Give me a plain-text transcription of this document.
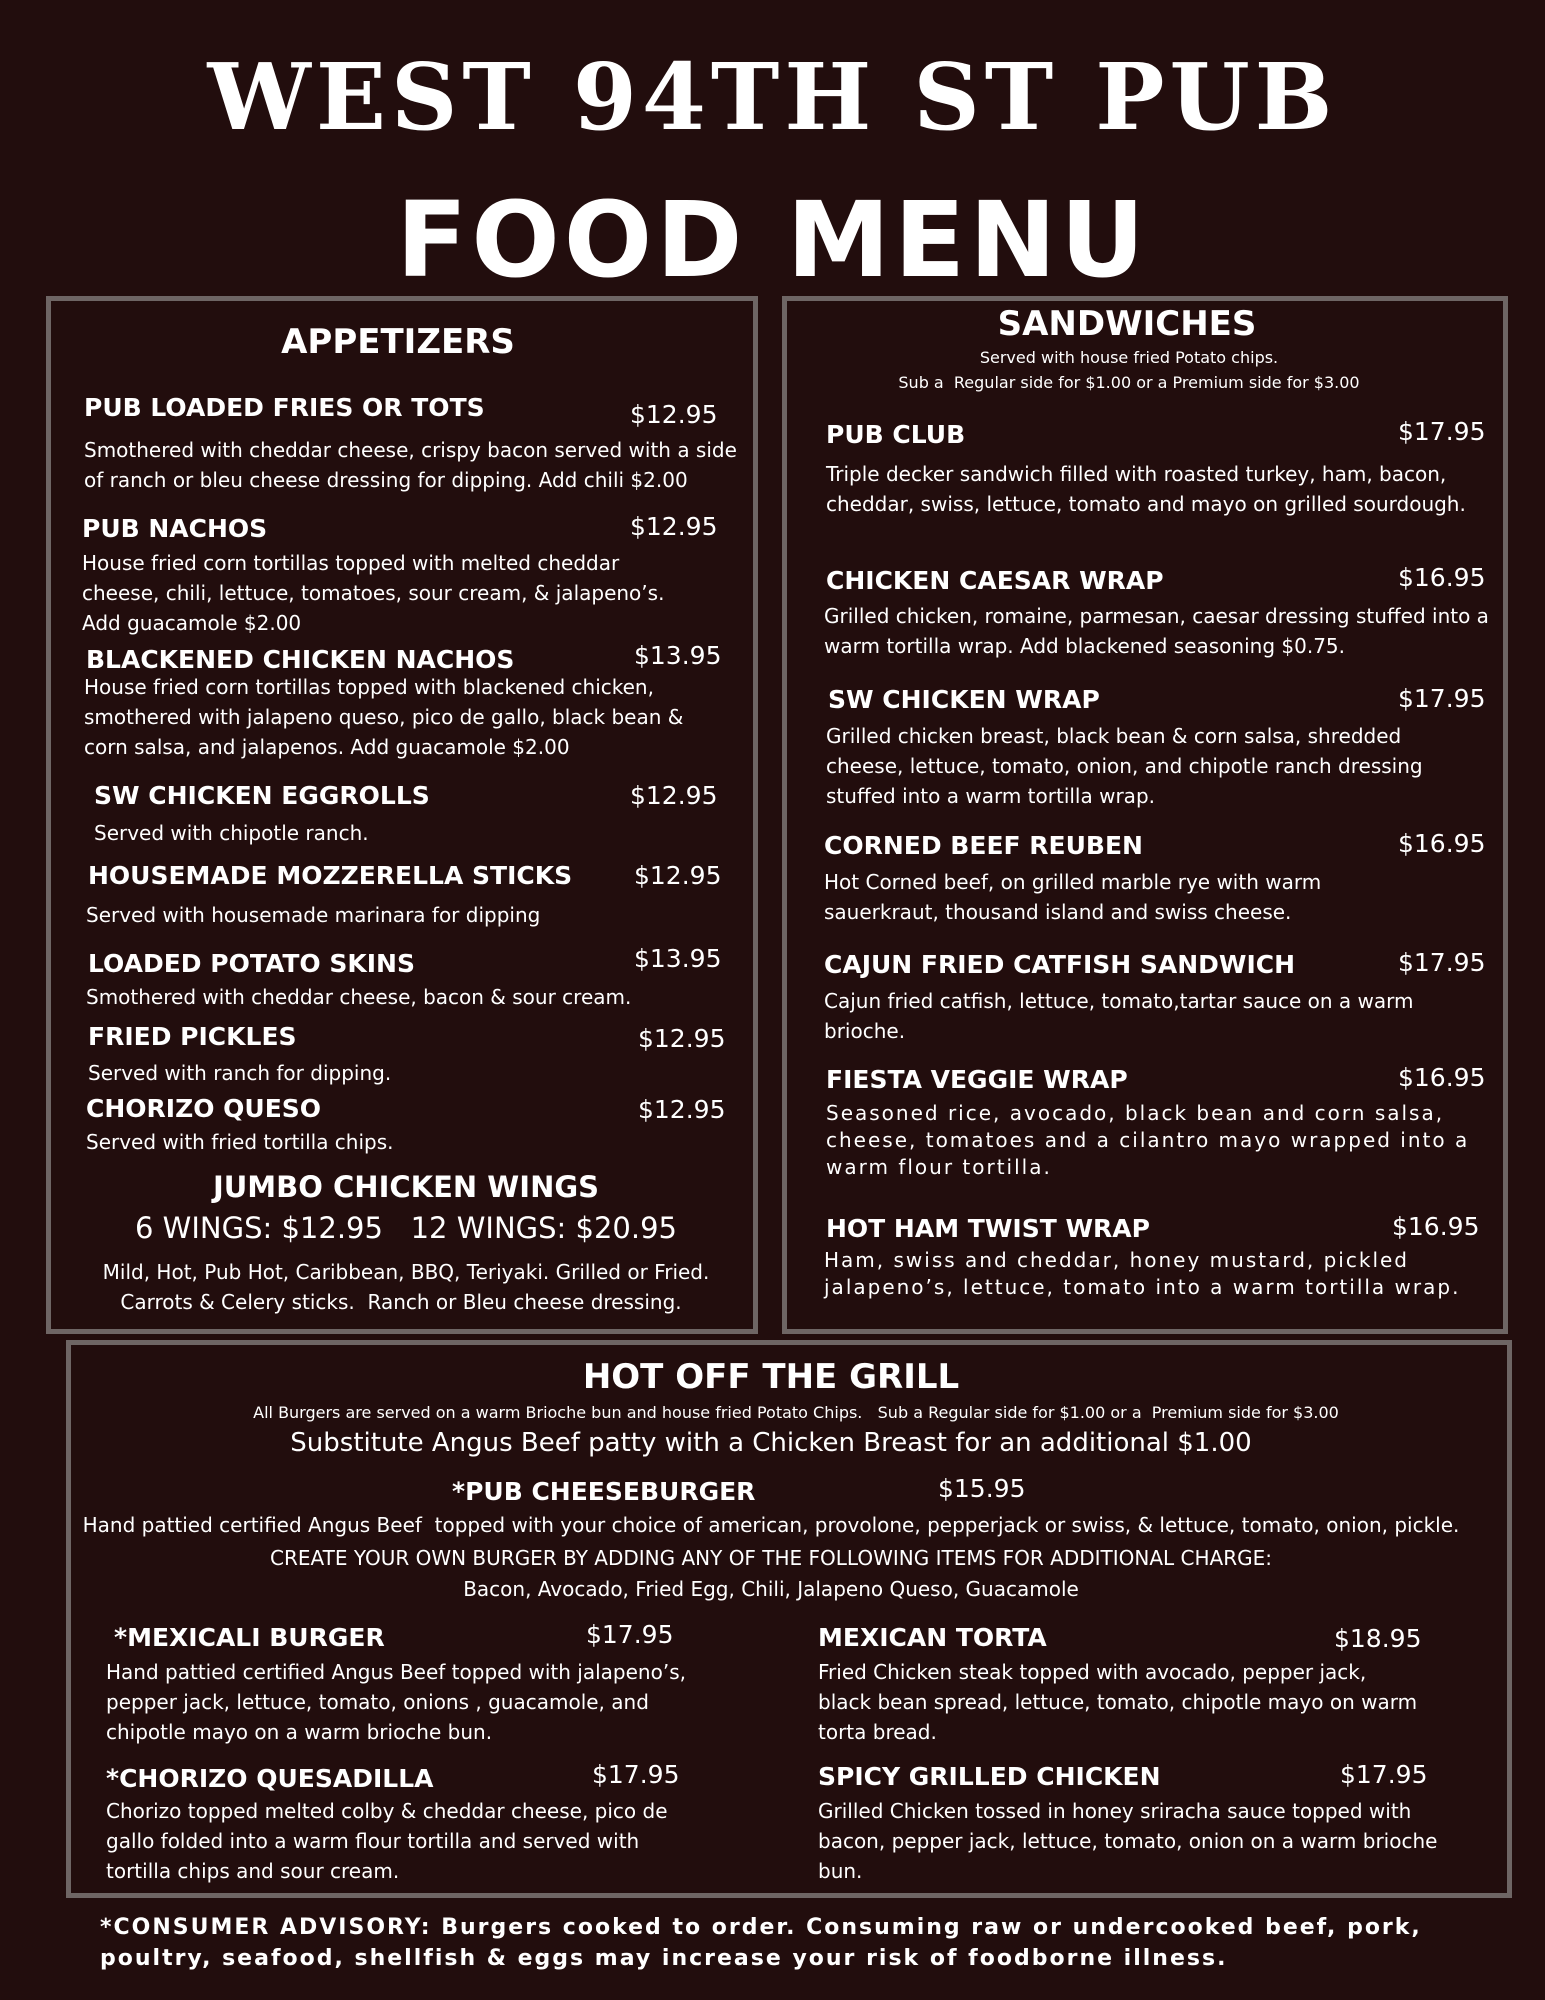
WEST 94TH ST PUB
FOOD MENU
APPETIZERS
PUB LOADED FRIES OR TOTS	$12.95
Smothered with cheddar cheese, crispy bacon served with a side of ranch or bleu cheese dressing for dipping. Add chili $2.00
PUB NACHOS	$12.95
House fried corn tortillas topped with melted cheddar cheese, chili, lettuce, tomatoes, sour cream, & jalapeno’s. Add guacamole $2.00
BLACKENED CHICKEN NACHOS	$13.95
House fried corn tortillas topped with blackened chicken, smothered with jalapeno queso, pico de gallo, black bean & corn salsa, and jalapenos. Add guacamole $2.00
SW CHICKEN EGGROLLS	$12.95
Served with chipotle ranch.
HOUSEMADE MOZZERELLA STICKS $12.95
Served with housemade marinara for dipping
LOADED POTATO SKINS	$13.95
Smothered with cheddar cheese, bacon & sour cream.
FRIED PICKLES	$12.95
Served with ranch for dipping.
CHORIZO QUESO	$12.95
Served with fried tortilla chips.
JUMBO CHICKEN WINGS
6 WINGS: $12.95   12 WINGS: $20.95
Mild, Hot, Pub Hot, Caribbean, BBQ, Teriyaki. Grilled or Fried.
Carrots & Celery sticks.  Ranch or Bleu cheese dressing.
SANDWICHES
Served with house fried Potato chips.
Sub a  Regular side for $1.00 or a Premium side for $3.00
PUB CLUB	$17.95
Triple decker sandwich filled with roasted turkey, ham, bacon, cheddar, swiss, lettuce, tomato and mayo on grilled sourdough.
CHICKEN CAESAR WRAP	$16.95
Grilled chicken, romaine, parmesan, caesar dressing stuffed into a warm tortilla wrap. Add blackened seasoning $0.75.
SW CHICKEN WRAP	$17.95
Grilled chicken breast, black bean & corn salsa, shredded cheese, lettuce, tomato, onion, and chipotle ranch dressing stuffed into a warm tortilla wrap.
CORNED BEEF REUBEN	$16.95
Hot Corned beef, on grilled marble rye with warm sauerkraut, thousand island and swiss cheese.
CAJUN FRIED CATFISH SANDWICH	$17.95
Cajun fried catfish, lettuce, tomato,tartar sauce on a warm brioche.
FIESTA VEGGIE WRAP	$16.95
Seasoned rice, avocado, black bean and corn salsa, cheese, tomatoes and a cilantro mayo wrapped into a warm flour tortilla.
HOT HAM TWIST WRAP	$16.95
Ham, swiss and cheddar, honey mustard, pickled jalapeno’s, lettuce, tomato into a warm tortilla wrap.
HOT OFF THE GRILL
All Burgers are served on a warm Brioche bun and house fried Potato Chips.   Sub a Regular side for $1.00 or a  Premium side for $3.00
Substitute Angus Beef patty with a Chicken Breast for an additional $1.00
*PUB CHEESEBURGER	$15.95
Hand pattied certified Angus Beef  topped with your choice of american, provolone, pepperjack or swiss, & lettuce, tomato, onion, pickle.
CREATE YOUR OWN BURGER BY ADDING ANY OF THE FOLLOWING ITEMS FOR ADDITIONAL CHARGE:
Bacon, Avocado, Fried Egg, Chili, Jalapeno Queso, Guacamole
*MEXICALI BURGER	$17.95
Hand pattied certified Angus Beef topped with jalapeno’s, pepper jack, lettuce, tomato, onions , guacamole, and chipotle mayo on a warm brioche bun.
MEXICAN TORTA	$18.95
Fried Chicken steak topped with avocado, pepper jack, black bean spread, lettuce, tomato, chipotle mayo on warm torta bread.
*CHORIZO QUESADILLA	$17.95
Chorizo topped melted colby & cheddar cheese, pico de gallo folded into a warm flour tortilla and served with tortilla chips and sour cream.
SPICY GRILLED CHICKEN	$17.95
Grilled Chicken tossed in honey sriracha sauce topped with bacon, pepper jack, lettuce, tomato, onion on a warm brioche bun.
*CONSUMER ADVISORY: Burgers cooked to order. Consuming raw or undercooked beef, pork, poultry, seafood, shellfish & eggs may increase your risk of foodborne illness.
